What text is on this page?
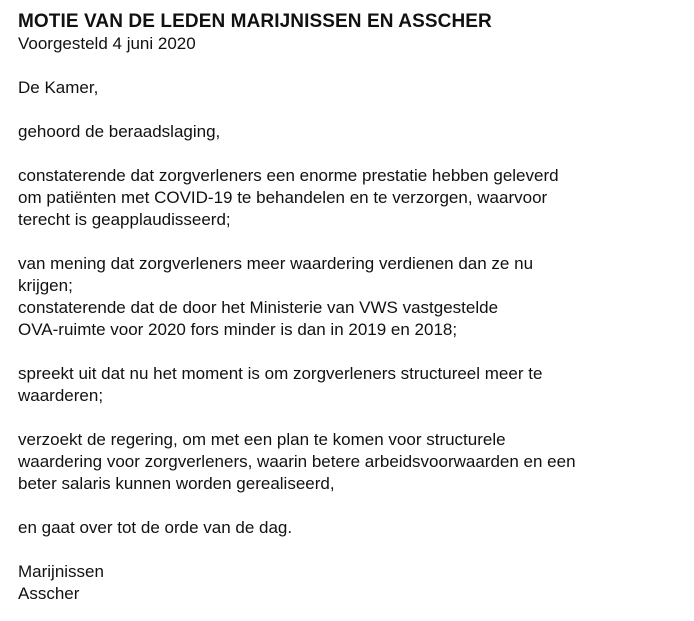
MOTIE VAN DE LEDEN MARIJNISSEN EN ASSCHER
Voorgesteld 4 juni 2020
De Kamer,
gehoord de beraadslaging,
constaterende dat zorgverleners een enorme prestatie hebben geleverd
om patiënten met COVID-19 te behandelen en te verzorgen, waarvoor
terecht is geapplaudisseerd;
van mening dat zorgverleners meer waardering verdienen dan ze nu
krijgen;
constaterende dat de door het Ministerie van VWS vastgestelde
OVA-ruimte voor 2020 fors minder is dan in 2019 en 2018;
spreekt uit dat nu het moment is om zorgverleners structureel meer te
waarderen;
verzoekt de regering, om met een plan te komen voor structurele
waardering voor zorgverleners, waarin betere arbeidsvoorwaarden en een
beter salaris kunnen worden gerealiseerd,
en gaat over tot de orde van de dag.
Marijnissen
Asscher
